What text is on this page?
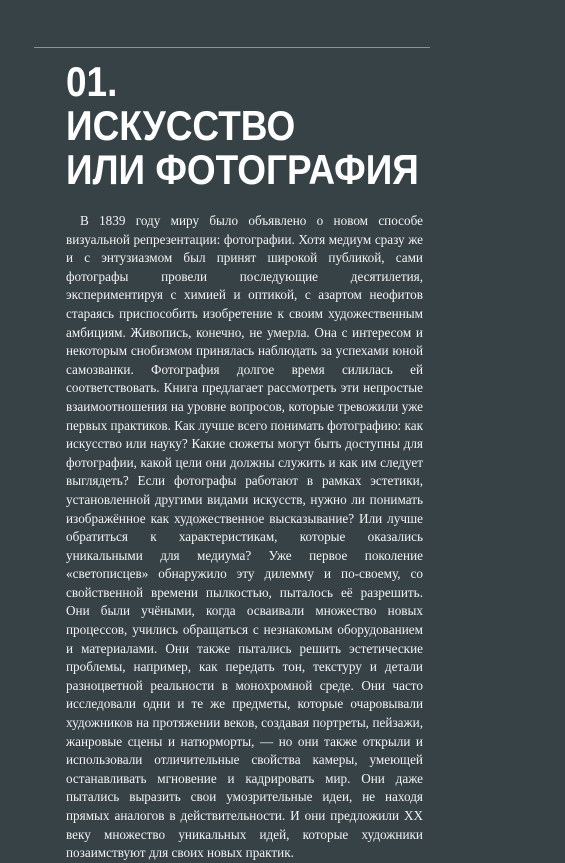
01.
ИСКУССТВО
ИЛИ ФОТОГРАФИЯ

В 1839 году миру было объявлено о новом способе визуальной репрезентации: фотографии. Хотя медиум сразу же и с энтузиазмом был принят широкой публикой, сами фотографы провели последующие десятилетия, экспериментируя с химией и оптикой, с азартом неофитов стараясь приспособить изобретение к своим художественным амбициям. Живопись, конечно, не умерла. Она с интересом и некоторым снобизмом принялась наблюдать за успехами юной самозванки. Фотография долгое время силилась ей соответствовать. Книга предлагает рассмотреть эти непростые взаимоотношения на уровне вопросов, которые тревожили уже первых практиков. Как лучше всего понимать фотографию: как искусство или науку? Какие сюжеты могут быть доступны для фотографии, какой цели они должны служить и как им следует выглядеть? Если фотографы работают в рамках эстетики, установленной другими видами искусств, нужно ли понимать изображённое как художественное высказывание? Или лучше обратиться к характеристикам, которые оказались уникальными для медиума? Уже первое поколение «светописцев» обнаружило эту дилемму и по-своему, со свойственной времени пылкостью, пыталось её разрешить. Они были учёными, когда осваивали множество новых процессов, учились обращаться с незнакомым оборудованием и материалами. Они также пытались решить эстетические проблемы, например, как передать тон, текстуру и детали разноцветной реальности в монохромной среде. Они часто исследовали одни и те же предметы, которые очаровывали художников на протяжении веков, создавая портреты, пейзажи, жанровые сцены и натюрморты, — но они также открыли и использовали отличительные свойства камеры, умеющей останавливать мгновение и кадрировать мир. Они даже пытались выразить свои умозрительные идеи, не находя прямых аналогов в действительности. И они предложили XX веку множество уникальных идей, которые художники позаимствуют для своих новых практик.
